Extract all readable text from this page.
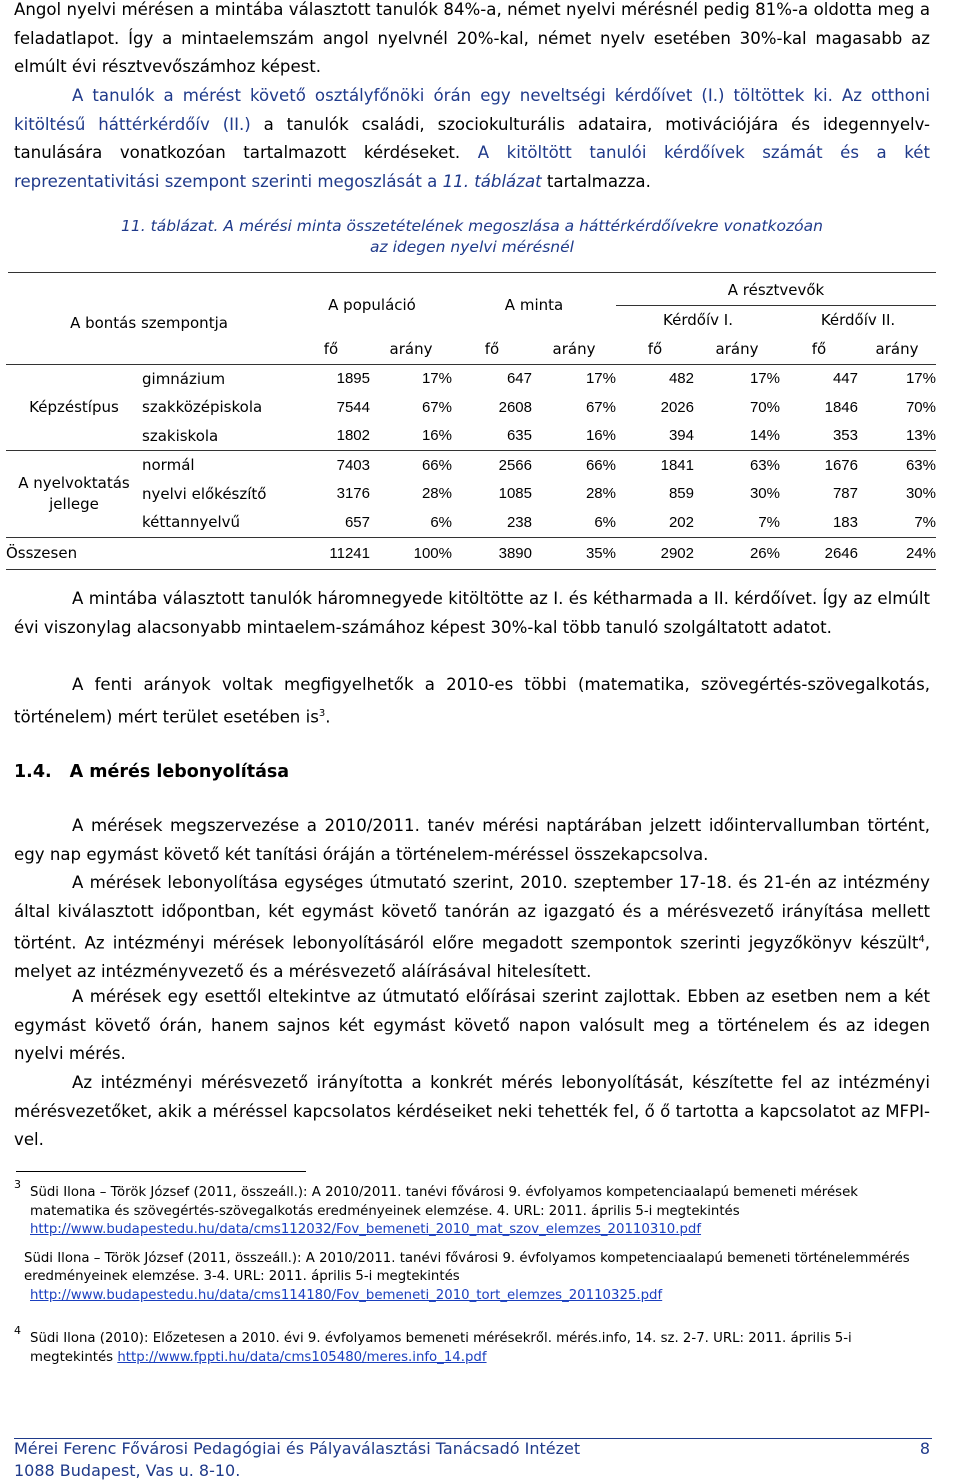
Angol nyelvi mérésen a mintába választott tanulók 84%-a, német nyelvi mérésnél pedig 81%-a oldotta meg a feladatlapot. Így a mintaelemszám angol nyelvnél 20%-kal, német nyelv esetében 30%-kal magasabb az elmúlt évi résztvevőszámhoz képest.

A tanulók a mérést követő osztályfőnöki órán egy neveltségi kérdőívet (I.) töltöttek ki. Az otthoni kitöltésű háttérkérdőív (II.) a tanulók családi, szociokulturális adataira, motivációjára és idegennyelv-tanulására vonatkozóan tartalmazott kérdéseket. A kitöltött tanulói kérdőívek számát és a két reprezentativitási szempont szerinti megoszlását a 11. táblázat tartalmazza.

11. táblázat. A mérési minta összetételének megoszlása a háttérkérdőívekre vonatkozóan
az idegen nyelvi mérésnél
A bontás szempontja		A populáció		A minta		A résztvevők			
						Kérdőív I.		Kérdőív II.	
		fő	arány	fő	arány	fő	arány	fő	arány
Képzéstípus	gimnázium	1895	17%	647	17%	482	17%	447	17%
	szakközépiskola	7544	67%	2608	67%	2026	70%	1846	70%
	szakiskola	1802	16%	635	16%	394	14%	353	13%
A nyelvoktatás jellege	normál	7403	66%	2566	66%	1841	63%	1676	63%
	nyelvi előkészítő	3176	28%	1085	28%	859	30%	787	30%
	kéttannyelvű	657	6%	238	6%	202	7%	183	7%
Összesen		11241	100%	3890	35%	2902	26%	2646	24%

A mintába választott tanulók háromnegyede kitöltötte az I. és kétharmada a II. kérdőívet. Így az elmúlt évi viszonylag alacsonyabb mintaelem-számához képest 30%-kal több tanuló szolgáltatott adatot.

A fenti arányok voltak megfigyelhetők a 2010-es többi (matematika, szövegértés-szövegalkotás, történelem) mért terület esetében $is^3$.

1.4. A mérés lebonyolítása

A mérések megszervezése a 2010/2011. tanév mérési naptárában jelzett időintervallumban történt, egy nap egymást követő két tanítási óráján a történelem-méréssel összekapcsolva.

A mérések lebonyolítása egységes útmutató szerint, 2010. szeptember 17-18. és 21-én az intézmény által kiválasztott időpontban, két egymást követő tanórán az igazgató és a mérésvezető irányítása mellett történt. Az intézményi mérések lebonyolításáról előre megadott szempontok szerinti jegyzőkönyv készült$^4$, melyet az intézményvezető és a mérésvezető aláírásával hitelesített.

A mérések egy esettől eltekintve az útmutató előírásai szerint zajlottak. Ebben az esetben nem a két egymást követő órán, hanem sajnos két egymást követő napon valósult meg a történelem és az idegen nyelvi mérés.

Az intézményi mérésvezető irányította a konkrét mérés lebonyolítását, készítette fel az intézményi mérésvezetőket, akik a méréssel kapcsolatos kérdéseiket neki tehették fel, ő ő tartotta a kapcsolatot az MFPI-vel.

3

Südi Ilona – Török József (2011, összeáll.): A 2010/2011. tanévi fővárosi 9. évfolyamos kompetenciaalapú bemeneti mérések matematika és szövegértés-szövegalkotás eredményeinek elemzése. 4. URL: 2011. április 5-i megtekintés
http://www.budapestedu.hu/data/cms112032/Fov_bemeneti_2010_mat_szov_elemzes_20110310.pdf

Südi Ilona – Török József (2011, összeáll.): A 2010/2011. tanévi fővárosi 9. évfolyamos kompetenciaalapú bemeneti történelemmérés eredményeinek elemzése. 3-4. URL: 2011. április 5-i megtekintés
http://www.budapestedu.hu/data/cms114180/Fov_bemeneti_2010_tort_elemzes_20110325.pdf

4

Südi Ilona (2010): Előzetesen a 2010. évi 9. évfolyamos bemeneti mérésekről. mérés.info, 14. sz. 2-7. URL: 2011. április 5-i megtekintés http://www.fppti.hu/data/cms105480/meres.info_14.pdf

Mérei Ferenc Fővárosi Pedagógiai és Pályaválasztási Tanácsadó Intézet
1088 Budapest, Vas u. 8-10.
8
